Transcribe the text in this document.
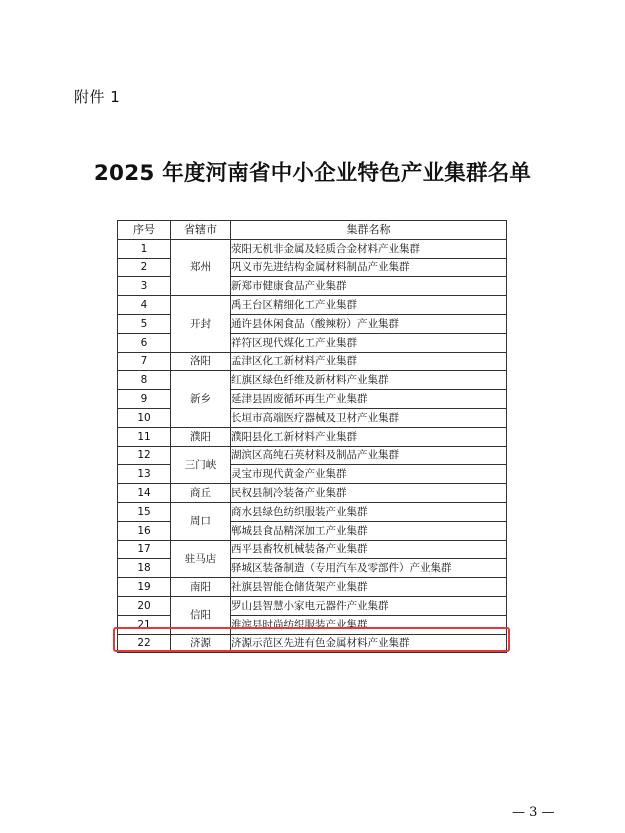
附件 1
2025 年度河南省中小企业特色产业集群名单
序号	省辖市	集群名称
1	郑州	荥阳无机非金属及轻质合金材料产业集群
2		巩义市先进结构金属材料制品产业集群
3		新郑市健康食品产业集群
4	开封	禹王台区精细化工产业集群
5		通许县休闲食品（酸辣粉）产业集群
6		祥符区现代煤化工产业集群
7	洛阳	孟津区化工新材料产业集群
8	新乡	红旗区绿色纤维及新材料产业集群
9		延津县固废循环再生产业集群
10		长垣市高端医疗器械及卫材产业集群
11	濮阳	濮阳县化工新材料产业集群
12	三门峡	湖滨区高纯石英材料及制品产业集群
13		灵宝市现代黄金产业集群
14	商丘	民权县制冷装备产业集群
15	周口	商水县绿色纺织服装产业集群
16		郸城县食品精深加工产业集群
17	驻马店	西平县畜牧机械装备产业集群
18		驿城区装备制造（专用汽车及零部件）产业集群
19	南阳	社旗县智能仓储货架产业集群
20	信阳	罗山县智慧小家电元器件产业集群
21		淮滨县时尚纺织服装产业集群
22	济源	济源示范区先进有色金属材料产业集群
— 3 —
